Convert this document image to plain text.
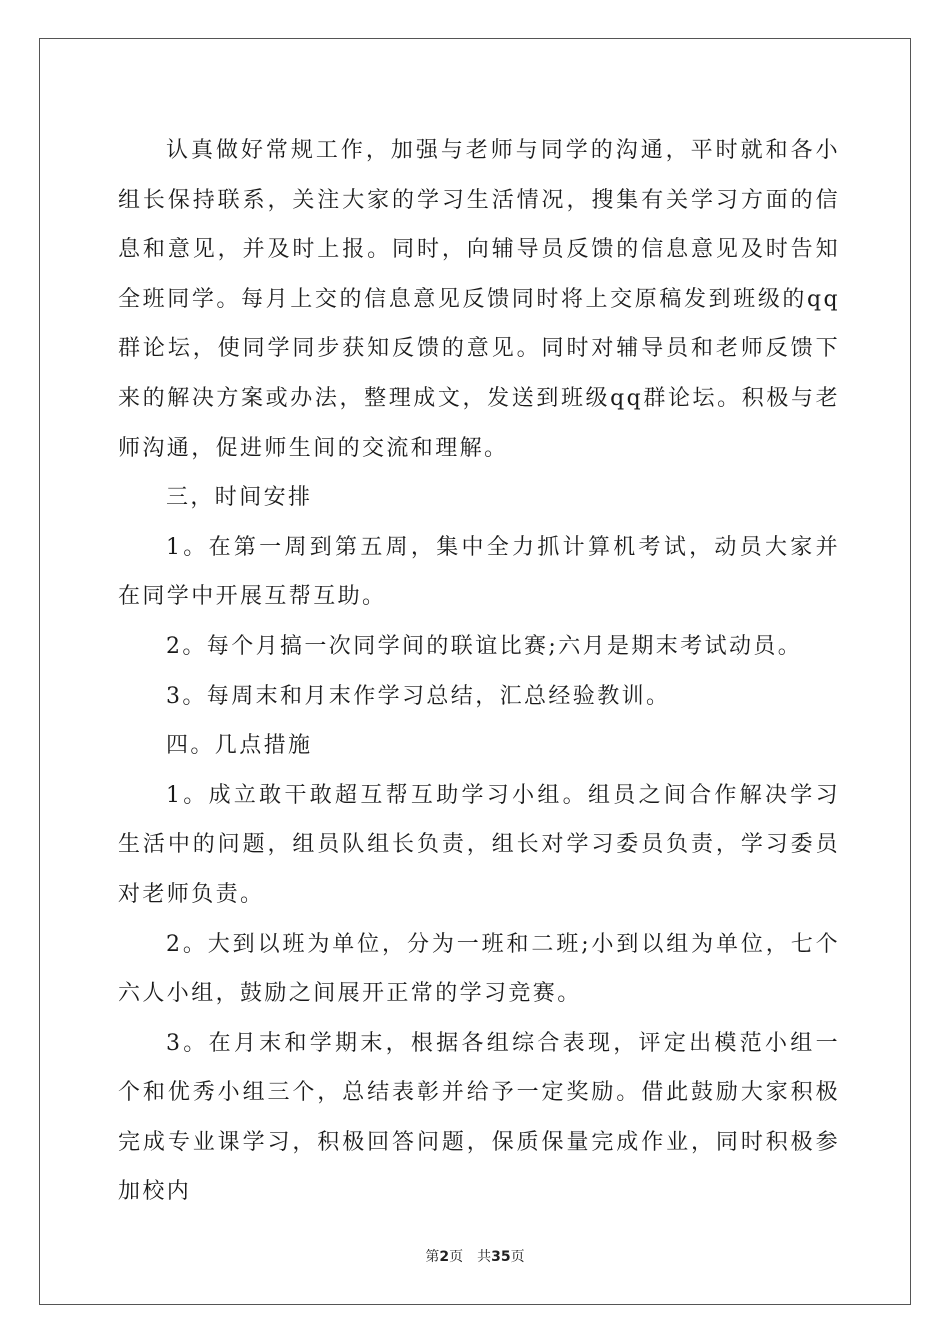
认真做好常规工作，加强与老师与同学的沟通，平时就和各小组长保持联系，关注大家的学习生活情况，搜集有关学习方面的信息和意见，并及时上报。同时，向辅导员反馈的信息意见及时告知全班同学。每月上交的信息意见反馈同时将上交原稿发到班级的qq群论坛，使同学同步获知反馈的意见。同时对辅导员和老师反馈下来的解决方案或办法，整理成文，发送到班级qq群论坛。积极与老师沟通，促进师生间的交流和理解。

三，时间安排

1。在第一周到第五周，集中全力抓计算机考试，动员大家并在同学中开展互帮互助。

2。每个月搞一次同学间的联谊比赛;六月是期末考试动员。

3。每周末和月末作学习总结，汇总经验教训。

四。几点措施

1。成立敢干敢超互帮互助学习小组。组员之间合作解决学习生活中的问题，组员队组长负责，组长对学习委员负责，学习委员对老师负责。

2。大到以班为单位，分为一班和二班;小到以组为单位，七个六人小组，鼓励之间展开正常的学习竞赛。

3。在月末和学期末，根据各组综合表现，评定出模范小组一个和优秀小组三个，总结表彰并给予一定奖励。借此鼓励大家积极完成专业课学习，积极回答问题，保质保量完成作业，同时积极参加校内

第2页 共35页
